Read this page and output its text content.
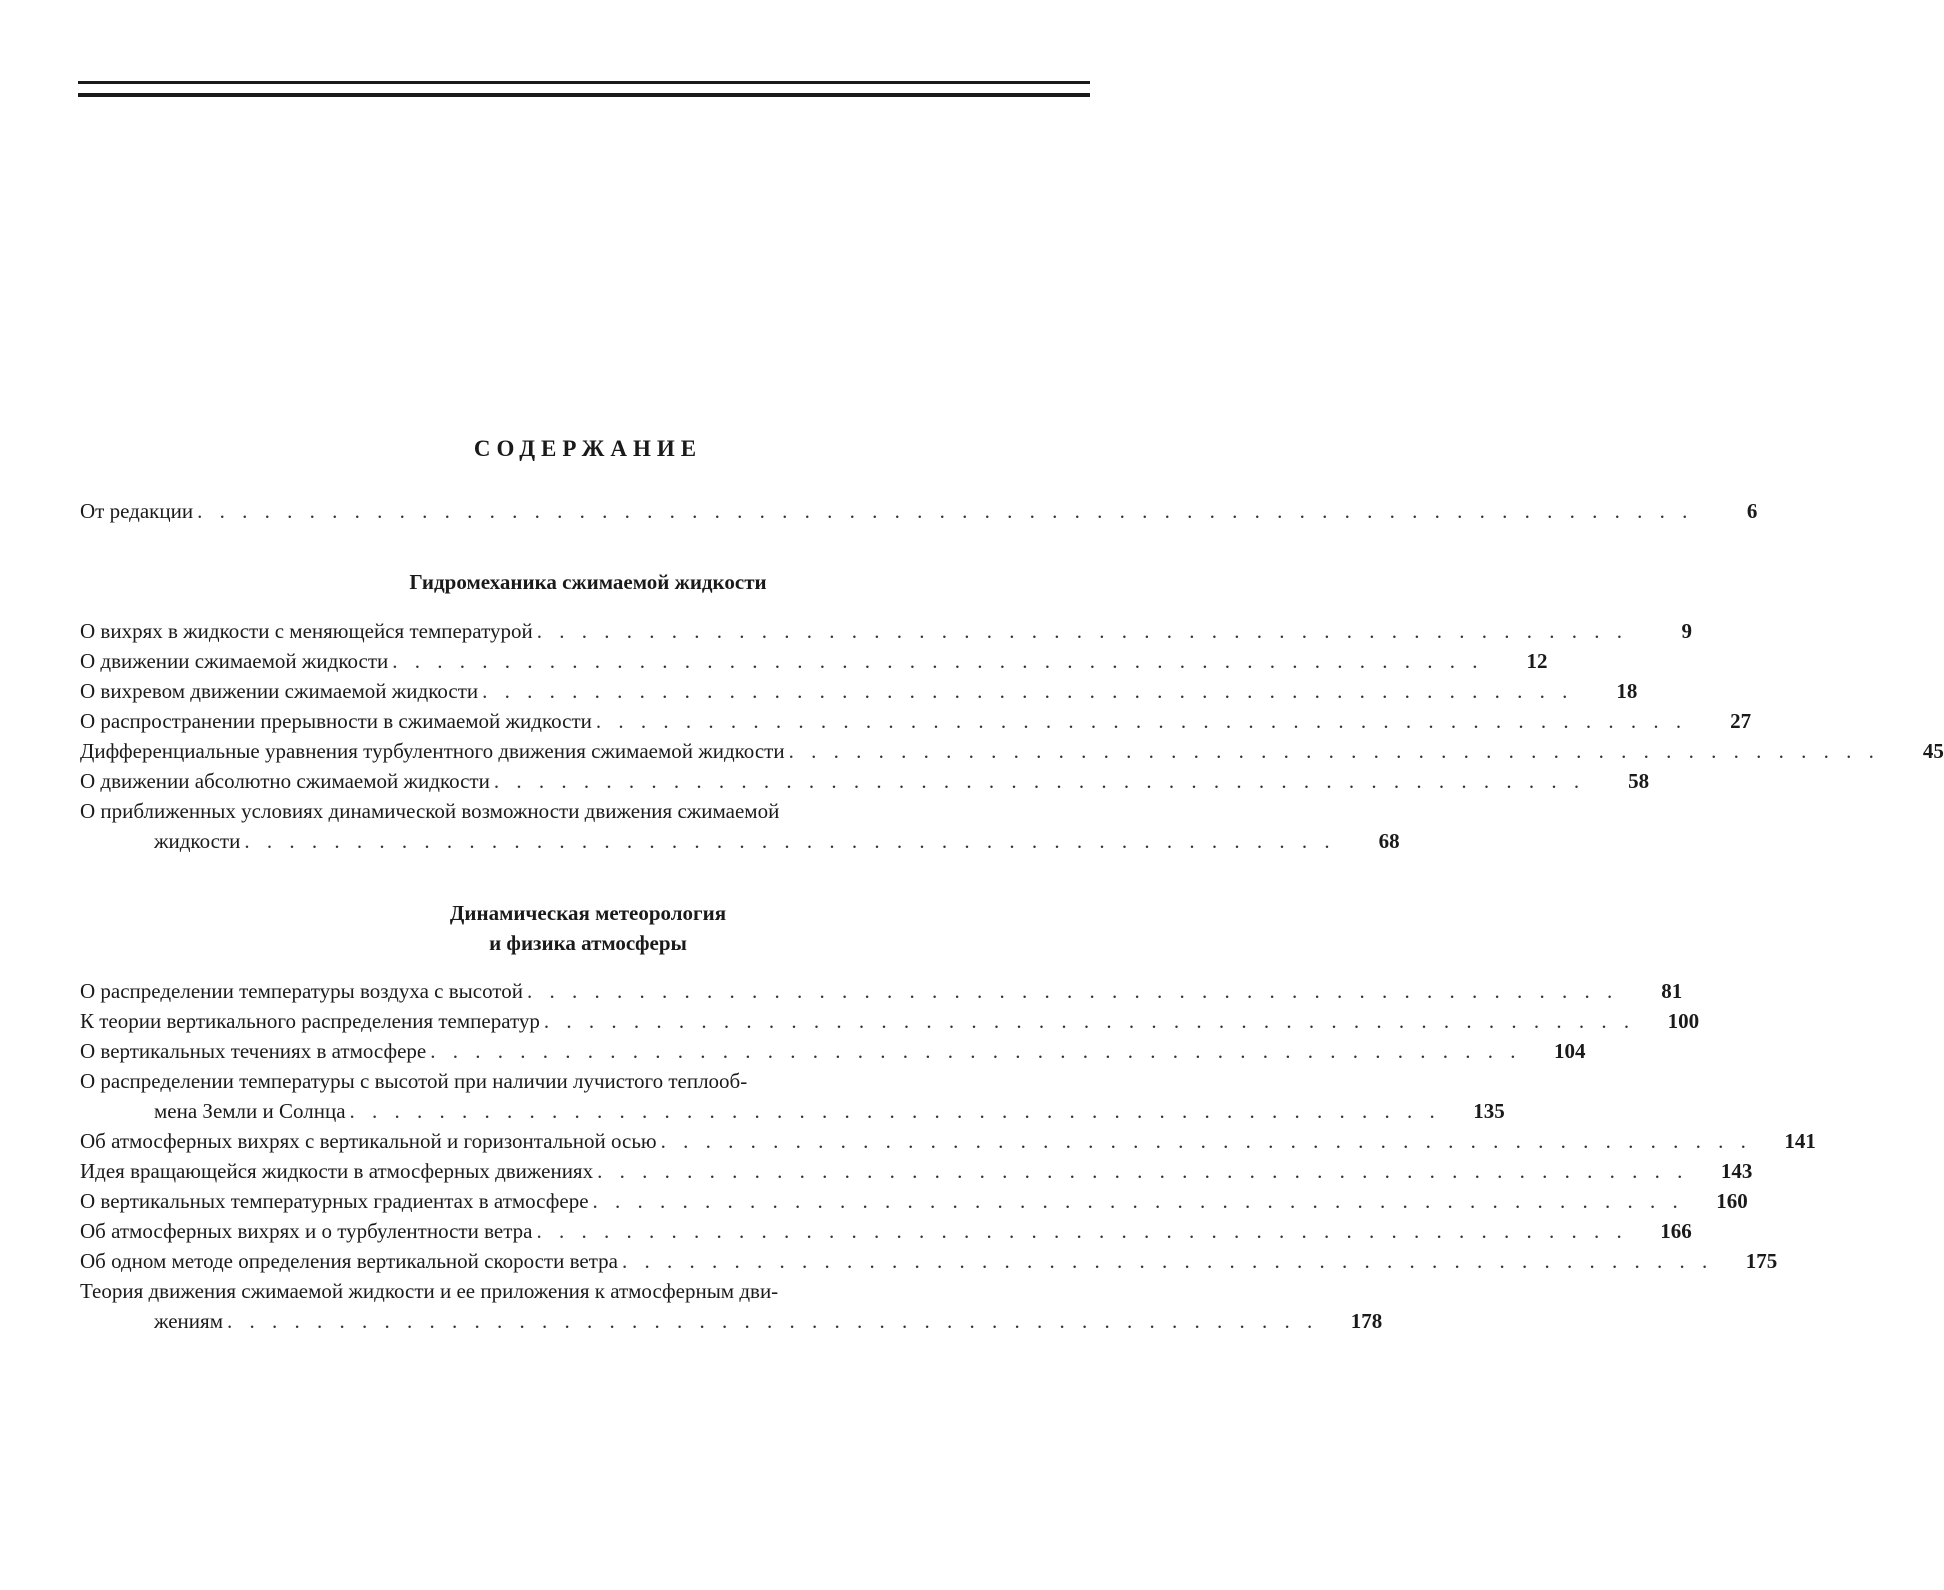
СОДЕРЖАНИЕ
От редакции . . . . . . . . . . . . . . . . . . . . . . . . . . . . . . . . . . . . . . . . . . . . . . . . . . . . . . . . . . . . . . . . . . .	6
Гидромеханика сжимаемой жидкости
О вихрях в жидкости с меняющейся температурой . . . . . . . . . . . . . . . . . . . . . . . . . . . . . . . . . . . . . . . . . . . . . . . . .	9
О движении сжимаемой жидкости . . . . . . . . . . . . . . . . . . . . . . . . . . . . . . . . . . . . . . . . . . . . . . . . .	12
О вихревом движении сжимаемой жидкости . . . . . . . . . . . . . . . . . . . . . . . . . . . . . . . . . . . . . . . . . . . . . . . . .	18
О распространении прерывности в сжимаемой жидкости . . . . . . . . . . . . . . . . . . . . . . . . . . . . . . . . . . . . . . . . . . . . . . . . .	27
Дифференциальные уравнения турбулентного движения сжимаемой жидкости . . . . . . . . . . . . . . . . . . . . . . . . . . . . . . . . . . . . . . . . . . . . . . . . .	45
О движении абсолютно сжимаемой жидкости . . . . . . . . . . . . . . . . . . . . . . . . . . . . . . . . . . . . . . . . . . . . . . . . .	58
О приближенных условиях динамической возможности движения сжимаемой
жидкости . . . . . . . . . . . . . . . . . . . . . . . . . . . . . . . . . . . . . . . . . . . . . . . . .	68
Динамическая метеорология
и физика атмосферы
О распределении температуры воздуха с высотой . . . . . . . . . . . . . . . . . . . . . . . . . . . . . . . . . . . . . . . . . . . . . . . . .	81
К теории вертикального распределения температур . . . . . . . . . . . . . . . . . . . . . . . . . . . . . . . . . . . . . . . . . . . . . . . . .	100
О вертикальных течениях в атмосфере . . . . . . . . . . . . . . . . . . . . . . . . . . . . . . . . . . . . . . . . . . . . . . . . .	104
О распределении температуры с высотой при наличии лучистого теплооб-
мена Земли и Солнца . . . . . . . . . . . . . . . . . . . . . . . . . . . . . . . . . . . . . . . . . . . . . . . . .	135
Об атмосферных вихрях с вертикальной и горизонтальной осью . . . . . . . . . . . . . . . . . . . . . . . . . . . . . . . . . . . . . . . . . . . . . . . . .	141
Идея вращающейся жидкости в атмосферных движениях . . . . . . . . . . . . . . . . . . . . . . . . . . . . . . . . . . . . . . . . . . . . . . . . .	143
О вертикальных температурных градиентах в атмосфере . . . . . . . . . . . . . . . . . . . . . . . . . . . . . . . . . . . . . . . . . . . . . . . . .	160
Об атмосферных вихрях и о турбулентности ветра . . . . . . . . . . . . . . . . . . . . . . . . . . . . . . . . . . . . . . . . . . . . . . . . .	166
Об одном методе определения вертикальной скорости ветра . . . . . . . . . . . . . . . . . . . . . . . . . . . . . . . . . . . . . . . . . . . . . . . . .	175
Теория движения сжимаемой жидкости и ее приложения к атмосферным дви-
жениям . . . . . . . . . . . . . . . . . . . . . . . . . . . . . . . . . . . . . . . . . . . . . . . . .	178
